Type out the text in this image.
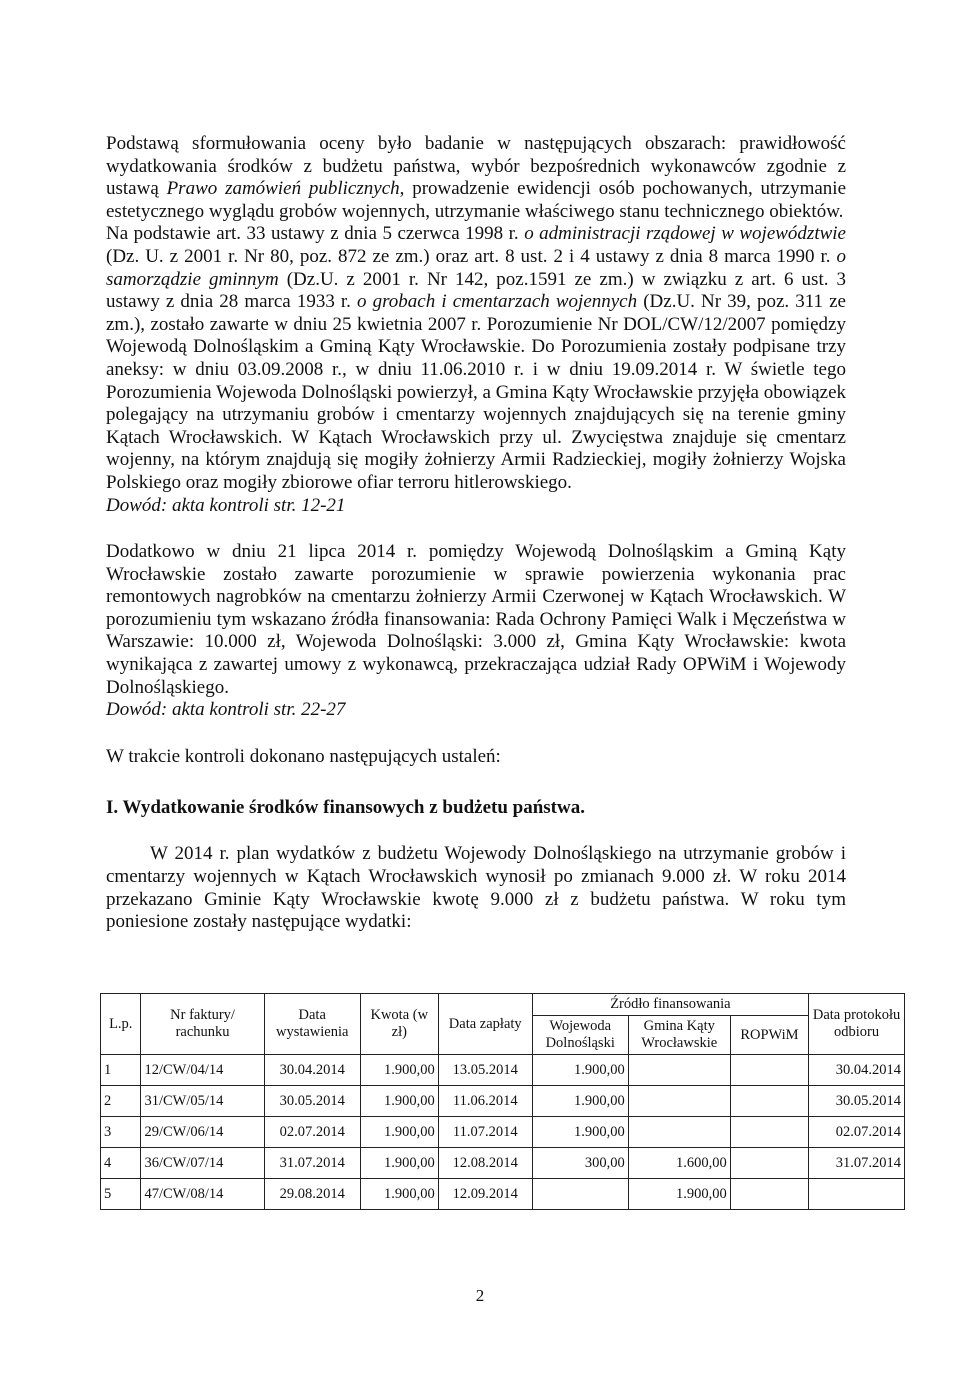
Podstawą sformułowania oceny było badanie w następujących obszarach: prawidłowość wydatkowania środków z budżetu państwa, wybór bezpośrednich wykonawców zgodnie z ustawą Prawo zamówień publicznych, prowadzenie ewidencji osób pochowanych, utrzymanie estetycznego wyglądu grobów wojennych, utrzymanie właściwego stanu technicznego obiektów.

Na podstawie art. 33 ustawy z dnia 5 czerwca 1998 r. o administracji rządowej w województwie (Dz. U. z 2001 r. Nr 80, poz. 872 ze zm.) oraz art. 8 ust. 2 i 4 ustawy z dnia 8 marca 1990 r. o samorządzie gminnym (Dz.U. z 2001 r. Nr 142, poz.1591 ze zm.) w związku z art. 6 ust. 3 ustawy z dnia 28 marca 1933 r. o grobach i cmentarzach wojennych (Dz.U. Nr 39, poz. 311 ze zm.), zostało zawarte w dniu 25 kwietnia 2007 r. Porozumienie Nr DOL/CW/12/2007 pomiędzy Wojewodą Dolnośląskim a Gminą Kąty Wrocławskie. Do Porozumienia zostały podpisane trzy aneksy: w dniu 03.09.2008 r., w dniu 11.06.2010 r. i w dniu 19.09.2014 r. W świetle tego Porozumienia Wojewoda Dolnośląski powierzył, a Gmina Kąty Wrocławskie przyjęła obowiązek polegający na utrzymaniu grobów i cmentarzy wojennych znajdujących się na terenie gminy Kątach Wrocławskich. W Kątach Wrocławskich przy ul. Zwycięstwa znajduje się cmentarz wojenny, na którym znajdują się mogiły żołnierzy Armii Radzieckiej, mogiły żołnierzy Wojska Polskiego oraz mogiły zbiorowe ofiar terroru hitlerowskiego.

Dowód: akta kontroli str. 12-21

Dodatkowo w dniu 21 lipca 2014 r. pomiędzy Wojewodą Dolnośląskim a Gminą Kąty Wrocławskie zostało zawarte porozumienie w sprawie powierzenia wykonania prac remontowych nagrobków na cmentarzu żołnierzy Armii Czerwonej w Kątach Wrocławskich. W porozumieniu tym wskazano źródła finansowania: Rada Ochrony Pamięci Walk i Męczeństwa w Warszawie: 10.000 zł, Wojewoda Dolnośląski: 3.000 zł, Gmina Kąty Wrocławskie: kwota wynikająca z zawartej umowy z wykonawcą, przekraczająca udział Rady OPWiM i Wojewody Dolnośląskiego.

Dowód: akta kontroli str. 22-27

W trakcie kontroli dokonano następujących ustaleń:

I. Wydatkowanie środków finansowych z budżetu państwa.

W 2014 r. plan wydatków z budżetu Wojewody Dolnośląskiego na utrzymanie grobów i cmentarzy wojennych w Kątach Wrocławskich wynosił po zmianach 9.000 zł. W roku 2014 przekazano Gminie Kąty Wrocławskie kwotę 9.000 zł z budżetu państwa. W roku tym poniesione zostały następujące wydatki:

L.p.	Nr faktury/ rachunku	Data wystawienia	Kwota (w zł)	Data zapłaty	Źródło finansowania			Data protokołu odbioru
					Wojewoda Dolnośląski	Gmina Kąty Wrocławskie	ROPWiM	
1	12/CW/04/14	30.04.2014	1.900,00	13.05.2014	1.900,00			30.04.2014
2	31/CW/05/14	30.05.2014	1.900,00	11.06.2014	1.900,00			30.05.2014
3	29/CW/06/14	02.07.2014	1.900,00	11.07.2014	1.900,00			02.07.2014
4	36/CW/07/14	31.07.2014	1.900,00	12.08.2014	300,00	1.600,00		31.07.2014
5	47/CW/08/14	29.08.2014	1.900,00	12.09.2014		1.900,00		
2
